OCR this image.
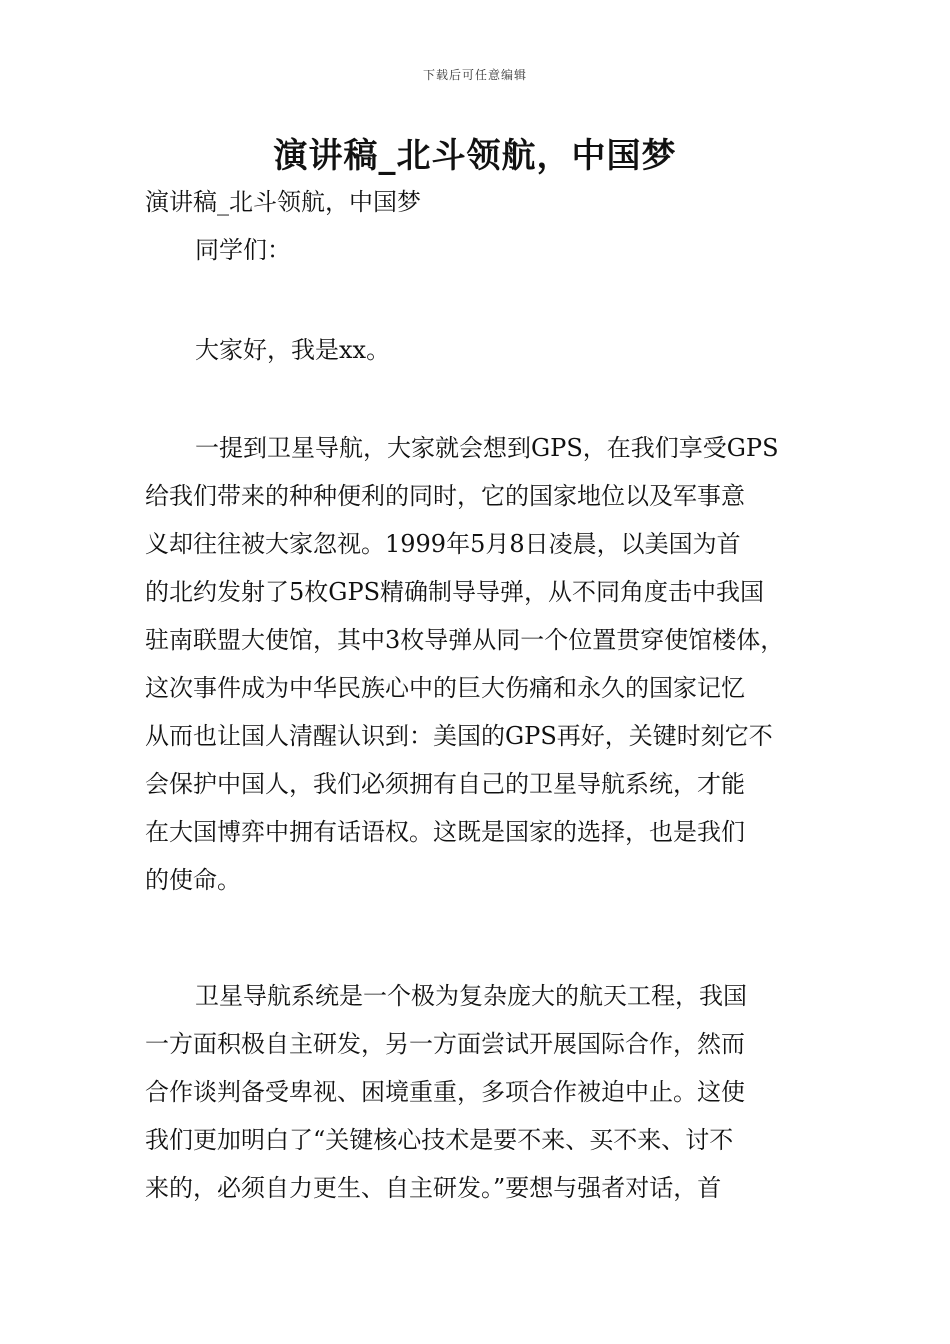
下载后可任意编辑
演讲稿_北斗领航，中国梦

演讲稿_北斗领航，中国梦

同学们：
大家好，我是xx。
一提到卫星导航，大家就会想到GPS，在我们享受GPS
给我们带来的种种便利的同时，它的国家地位以及军事意
义却往往被大家忽视。1999年5月8日凌晨，以美国为首
的北约发射了5枚GPS精确制导导弹，从不同角度击中我国
驻南联盟大使馆，其中3枚导弹从同一个位置贯穿使馆楼体，
这次事件成为中华民族心中的巨大伤痛和永久的国家记忆
从而也让国人清醒认识到：美国的GPS再好，关键时刻它不
会保护中国人，我们必须拥有自己的卫星导航系统，才能
在大国博弈中拥有话语权。这既是国家的选择，也是我们
的使命。
卫星导航系统是一个极为复杂庞大的航天工程，我国
一方面积极自主研发，另一方面尝试开展国际合作，然而
合作谈判备受卑视、困境重重，多项合作被迫中止。这使
我们更加明白了“关键核心技术是要不来、买不来、讨不
来的，必须自力更生、自主研发。”要想与强者对话，首
